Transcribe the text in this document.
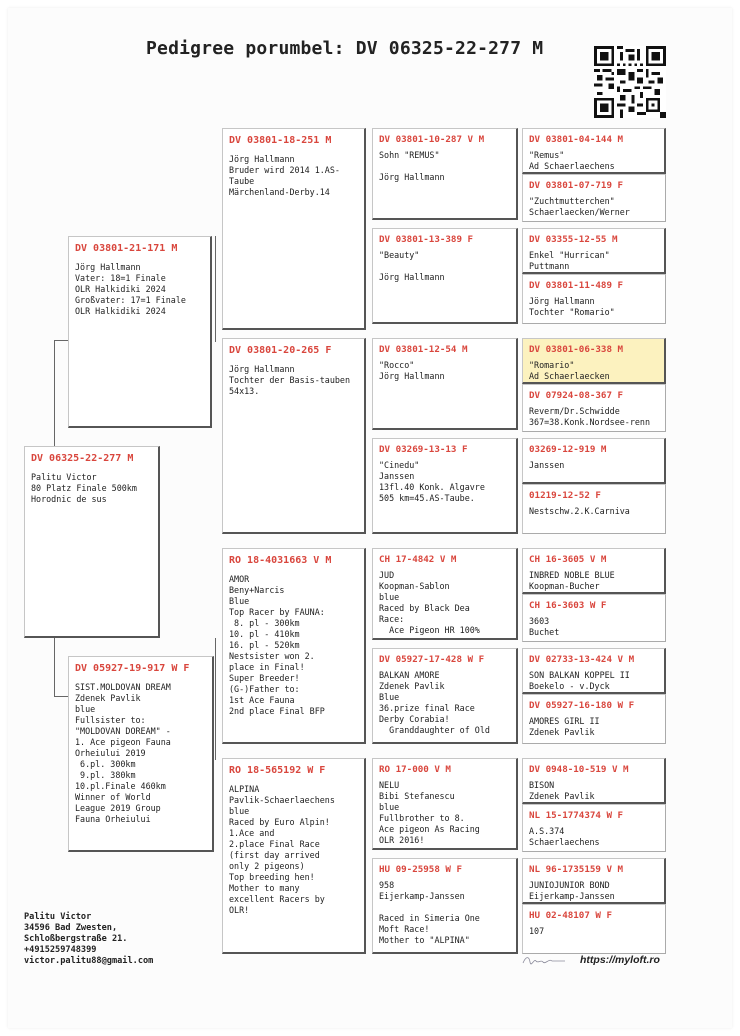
Pedigree porumbel: DV 06325-22-277 M
DV 06325-22-277 M
Palitu Victor
80 Platz Finale 500km
Horodnic de sus
DV 03801-21-171 M
Jörg Hallmann
Vater: 18=1 Finale
OLR Halkidiki 2024
Großvater: 17=1 Finale
OLR Halkidiki 2024
DV 05927-19-917 W F
SIST.MOLDOVAN DREAM
Zdenek Pavlik
blue
Fullsister to:
"MOLDOVAN DOREAM" -
1. Ace pigeon Fauna
Orheiului 2019
6.pl. 300km
9.pl. 380km
10.pl.Finale 460km
Winner of World
League 2019 Group
Fauna Orheiului
DV 03801-18-251 M
Jörg Hallmann
Bruder wird 2014 1.AS-
Taube
Märchenland-Derby.14
DV 03801-20-265 F
Jörg Hallmann
Tochter der Basis-tauben
54x13.
RO 18-4031663 V M
AMOR
Beny+Narcis
Blue
Top Racer by FAUNA:
8. pl - 300km
10. pl - 410km
16. pl - 520km
Nestsister won 2.
place in Final!
Super Breeder!
(G-)Father to:
1st Ace Fauna
2nd place Final BFP
RO 18-565192 W F
ALPINA
Pavlik-Schaerlaechens
blue
Raced by Euro Alpin!
1.Ace and
2.place Final Race
(first day arrived
only 2 pigeons)
Top breeding hen!
Mother to many
excellent Racers by
OLR!
DV 03801-10-287 V M
Sohn "REMUS"
Jörg Hallmann
DV 03801-13-389 F
"Beauty"
Jörg Hallmann
DV 03801-12-54 M
"Rocco"
Jörg Hallmann
DV 03269-13-13 F
"Cinedu"
Janssen
13fl.40 Konk. Algavre
505 km=45.AS-Taube.
CH 17-4842 V M
JUD
Koopman-Sablon
blue
Raced by Black Dea
Race:
Ace Pigeon HR 100%
DV 05927-17-428 W F
BALKAN AMORE
Zdenek Pavlik
Blue
36.prize final Race
Derby Corabia!
Granddaughter of Old
RO 17-000 V M
NELU
Bibi Stefanescu
blue
Fullbrother to 8.
Ace pigeon As Racing
OLR 2016!
HU 09-25958 W F
958
Eijerkamp-Janssen
Raced in Simeria One
Moft Race!
Mother to "ALPINA"
DV 03801-04-144 M
"Remus"
Ad Schaerlaechens
DV 03801-07-719 F
"Zuchtmutterchen"
Schaerlaecken/Werner
DV 03355-12-55 M
Enkel "Hurrican"
Puttmann
DV 03801-11-489 F
Jörg Hallmann
Tochter "Romario"
DV 03801-06-338 M
"Romario"
Ad Schaerlaecken
DV 07924-08-367 F
Reverm/Dr.Schwidde
367=38.Konk.Nordsee-renn
03269-12-919 M
Janssen
01219-12-52 F
Nestschw.2.K.Carniva
CH 16-3605 V M
INBRED NOBLE BLUE
Koopman-Bucher
CH 16-3603 W F
3603
Buchet
DV 02733-13-424 V M
SON BALKAN KOPPEL II
Boekelo - v.Dyck
DV 05927-16-180 W F
AMORES GIRL II
Zdenek Pavlik
DV 0948-10-519 V M
BISON
Zdenek Pavlik
NL 15-1774374 W F
A.S.374
Schaerlaechens
NL 96-1735159 V M
JUNIOJUNIOR BOND
Eijerkamp-Janssen
HU 02-48107 W F
107
Palitu Victor
34596 Bad Zwesten,
Schloßbergstraße 21.
+4915259748399
victor.palitu88@gmail.com	https://myloft.ro
